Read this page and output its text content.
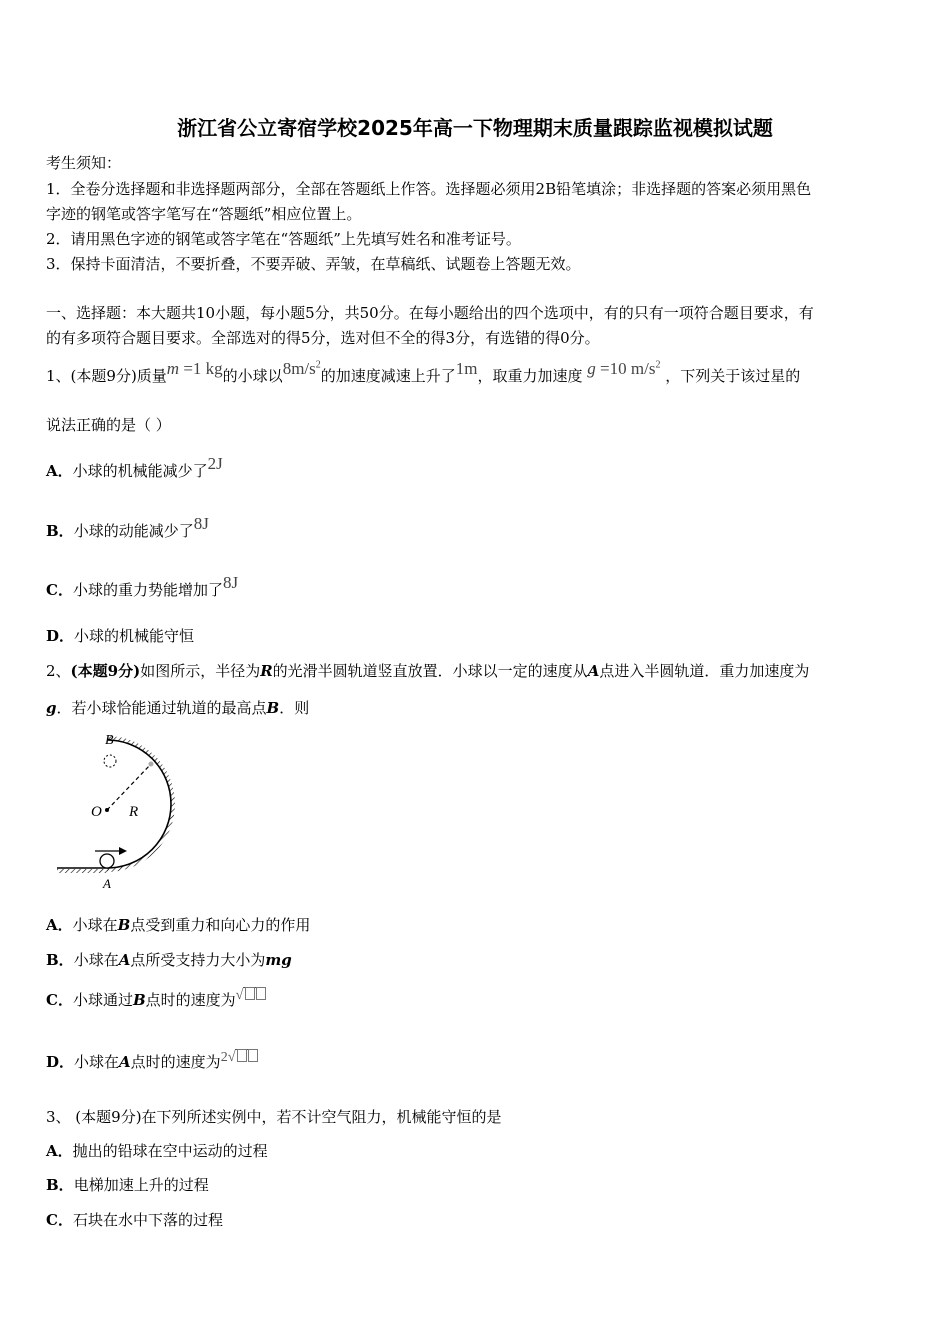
浙江省公立寄宿学校2025年高一下物理期末质量跟踪监视模拟试题
考生须知：
1．全卷分选择题和非选择题两部分，全部在答题纸上作答。选择题必须用2B铅笔填涂；非选择题的答案必须用黑色
字迹的钢笔或答字笔写在“答题纸”相应位置上。
2．请用黑色字迹的钢笔或答字笔在“答题纸”上先填写姓名和准考证号。
3．保持卡面清洁，不要折叠，不要弄破、弄皱，在草稿纸、试题卷上答题无效。
一、选择题：本大题共10小题，每小题5分，共50分。在每小题给出的四个选项中，有的只有一项符合题目要求，有
的有多项符合题目要求。全部选对的得5分，选对但不全的得3分，有选错的得0分。
1、(本题9分)质量m =1 kg的小球以$8m/s^2$的加速度减速上升了1m，取重力加速度 g =10 $m/s^2$ ，下列关于该过星的
说法正确的是（ ）
A．小球的机械能减少了2J
B．小球的动能减少了8J
C．小球的重力势能增加了8J
D．小球的机械能守恒
2、(本题9分)如图所示，半径为R的光滑半圆轨道竖直放置．小球以一定的速度从A点进入半圆轨道．重力加速度为
g．若小球恰能通过轨道的最高点B．则
B
O R
A
A．小球在B点受到重力和向心力的作用
B．小球在A点所受支持力大小为mg
C．小球通过B点时的速度为√
D．小球在A点时的速度为2√
3、 (本题9分)在下列所述实例中，若不计空气阻力，机械能守恒的是
A．抛出的铅球在空中运动的过程
B．电梯加速上升的过程
C．石块在水中下落的过程
